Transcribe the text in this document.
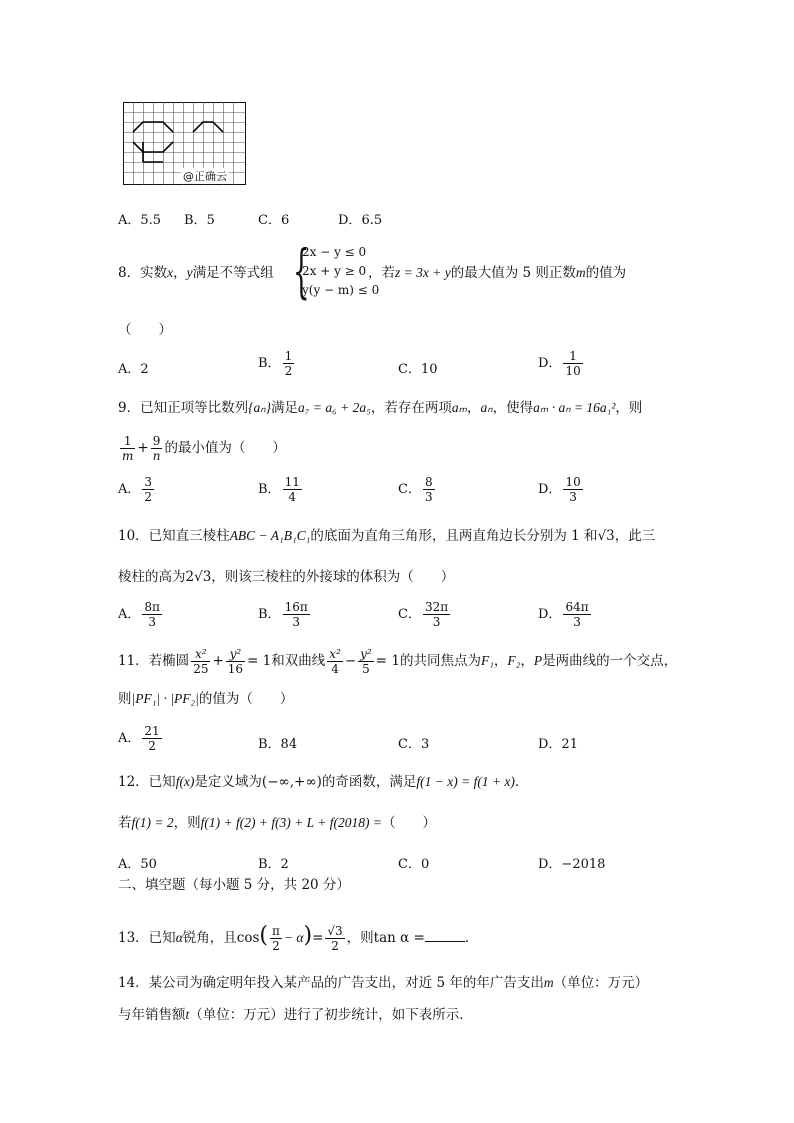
@正确云
A．5.5 B．5	C．6	D．6.5
8．实数x，y满足不等式组 {
2x − y ≤ 0
2x + y ≥ 0
y(y − m) ≤ 0
，若z = 3x + y的最大值为 5 则正数m的值为
（　　）
A．2	B． $\frac{1}{2}$	C．10	D． $\frac{1}{10}$
9．已知正项等比数列{aₙ}满足a₇ = a₆ + 2a₅，若存在两项aₘ，aₙ，使得aₘ · aₙ = 16a₁²，则
$\frac{1}{m} + \frac{9}{n}$ 的最小值为（　　）
A． $\frac{3}{2}$	B． $\frac{11}{4}$	C． $\frac{8}{3}$	D． $\frac{10}{3}$
10．已知直三棱柱ABC − A₁B₁C₁的底面为直角三角形，且两直角边长分别为 1 和√3，此三
棱柱的高为2√3，则该三棱柱的外接球的体积为（　　）
A． $\frac{8\pi}{3}$	B． $\frac{16\pi}{3}$	C． $\frac{32\pi}{3}$	D． $\frac{64\pi}{3}$
11．若椭圆 $\frac{\text{x²}}{25} + \frac{\text{y²}}{16} = 1$和双曲线 $\frac{\text{x²}}{4} - \frac{\text{y²}}{5} = 1$的共同焦点为F₁，F₂，P是两曲线的一个交点，
则|PF₁| · |PF₂|的值为（　　）
A． $\frac{21}{2}$	B．84	C．3	D．21
12．已知f(x)是定义域为(−∞,+∞)的奇函数，满足f(1 − x) = f(1 + x)．
若f(1) = 2，则f(1) + f(2) + f(3) + L + f(2018) =（　　）
A．50	B．2	C．0	D．−2018
二、填空题（每小题 5 分，共 20 分）
13．已知α锐角，且$\cos( \frac{\pi}{2} - \alpha)= \frac{√3}{2}$ ，则tan α =	．
14．某公司为确定明年投入某产品的广告支出，对近 5 年的年广告支出m（单位：万元）
与年销售额t（单位：万元）进行了初步统计，如下表所示．
